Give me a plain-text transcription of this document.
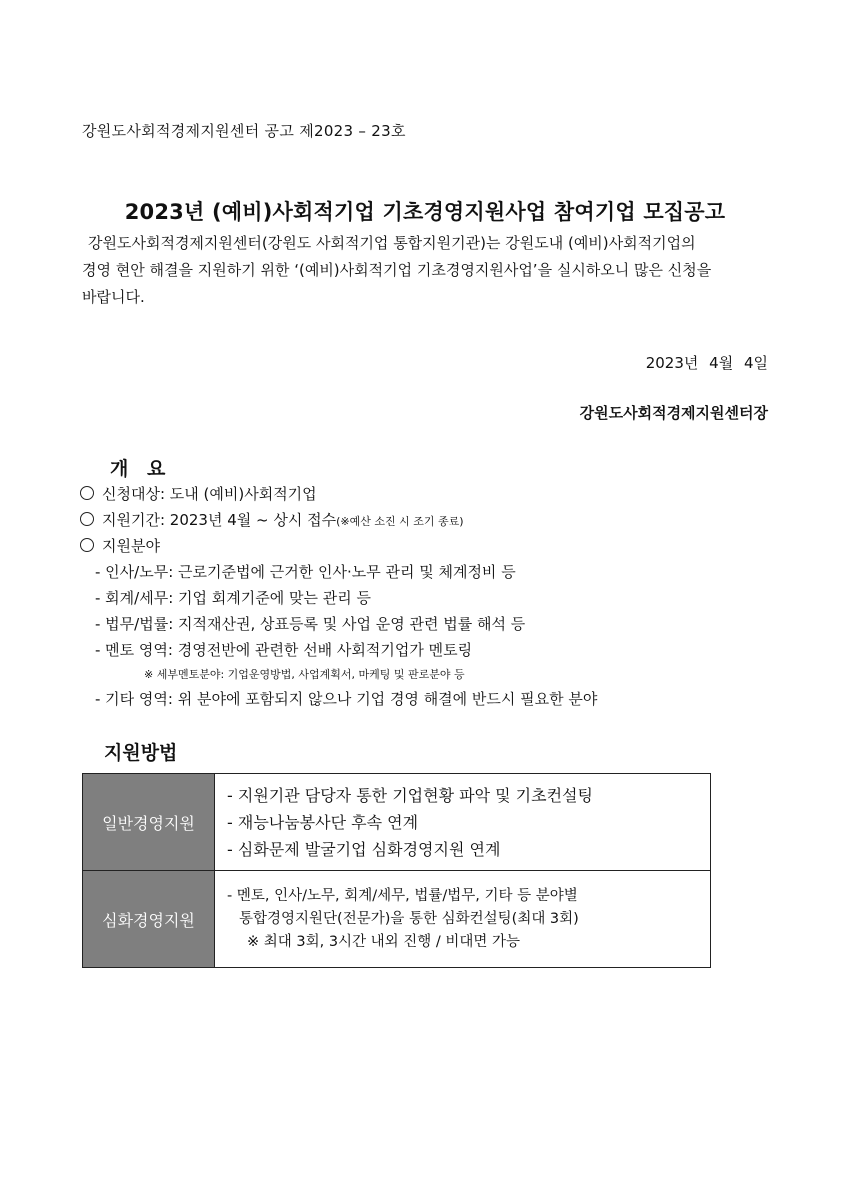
강원도사회적경제지원센터 공고 제2023 – 23호
2023년 (예비)사회적기업 기초경영지원사업 참여기업 모집공고
강원도사회적경제지원센터(강원도 사회적기업 통합지원기관)는 강원도내 (예비)사회적기업의
경영 현안 해결을 지원하기 위한 ‘(예비)사회적기업 기초경영지원사업’을 실시하오니 많은 신청을
바랍니다.
2023년 4월 4일
강원도사회적경제지원센터장
개 요
신청대상: 도내 (예비)사회적기업
지원기간: 2023년 4월 ~ 상시 접수(※예산 소진 시 조기 종료)
지원분야
- 인사/노무: 근로기준법에 근거한 인사·노무 관리 및 체계정비 등
- 회계/세무: 기업 회계기준에 맞는 관리 등
- 법무/법률: 지적재산권, 상표등록 및 사업 운영 관련 법률 해석 등
- 멘토 영역: 경영전반에 관련한 선배 사회적기업가 멘토링
※ 세부멘토분야: 기업운영방법, 사업계획서, 마케팅 및 판로분야 등
- 기타 영역: 위 분야에 포함되지 않으나 기업 경영 해결에 반드시 필요한 분야
지원방법
일반경영지원	- 지원기관 담당자 통한 기업현황 파악 및 기초컨설팅
- 재능나눔봉사단 후속 연계
- 심화문제 발굴기업 심화경영지원 연계

심화경영지원	- 멘토, 인사/노무, 회계/세무, 법률/법무, 기타 등 분야별
통합경영지원단(전문가)을 통한 심화컨설팅(최대 3회)
※ 최대 3회, 3시간 내외 진행 / 비대면 가능
